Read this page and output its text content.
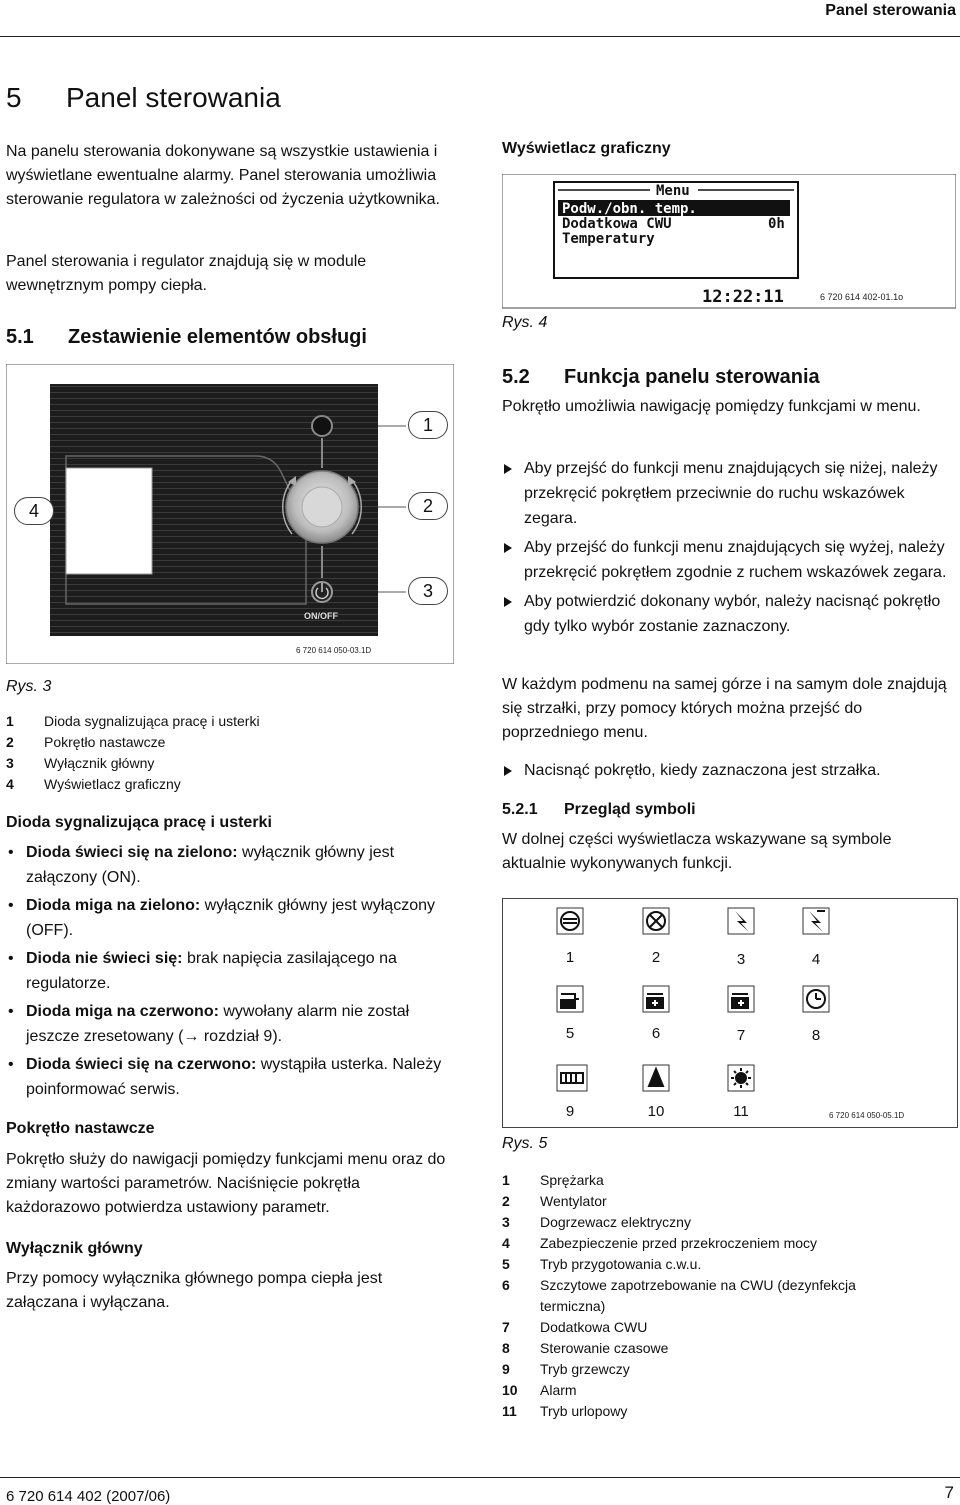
Panel sterowania
5 Panel sterowania
Na panelu sterowania dokonywane są wszystkie ustawienia i wyświetlane ewentualne alarmy. Panel sterowania umożliwia sterowanie regulatora w zależności od życzenia użytkownika.
Panel sterowania i regulator znajdują się w module wewnętrznym pompy ciepła.
5.1 Zestawienie elementów obsługi
ON/OFF
6 720 614 050-03.1D
1
2
3
4
Rys. 3
1	Dioda sygnalizująca pracę i usterki
2	Pokrętło nastawcze
3	Wyłącznik główny
4	Wyświetlacz graficzny
Dioda sygnalizująca pracę i usterki
• Dioda świeci się na zielono: wyłącznik główny jest załączony (ON).
• Dioda miga na zielono: wyłącznik główny jest wyłączony (OFF).
• Dioda nie świeci się: brak napięcia zasilającego na regulatorze.
• Dioda miga na czerwono: wywołany alarm nie został jeszcze zresetowany (→ rozdział 9).
• Dioda świeci się na czerwono: wystąpiła usterka. Należy poinformować serwis.
Pokrętło nastawcze
Pokrętło służy do nawigacji pomiędzy funkcjami menu oraz do zmiany wartości parametrów. Naciśnięcie pokrętła każdorazowo potwierdza ustawiony parametr.
Wyłącznik główny
Przy pomocy wyłącznika głównego pompa ciepła jest załączana i wyłączana.
Wyświetlacz graficzny
Menu
Podw./obn. temp.
Dodatkowa CWU	0h
Temperatury
12:22:11	6 720 614 402-01.1o
Rys. 4
5.2 Funkcja panelu sterowania
Pokrętło umożliwia nawigację pomiędzy funkcjami w menu.
Aby przejść do funkcji menu znajdujących się niżej, należy przekręcić pokrętłem przeciwnie do ruchu wskazówek zegara.
Aby przejść do funkcji menu znajdujących się wyżej, należy przekręcić pokrętłem zgodnie z ruchem wskazówek zegara.
Aby potwierdzić dokonany wybór, należy nacisnąć pokrętło gdy tylko wybór zostanie zaznaczony.
W każdym podmenu na samej górze i na samym dole znajdują się strzałki, przy pomocy których można przejść do poprzedniego menu.
Nacisnąć pokrętło, kiedy zaznaczona jest strzałka.
5.2.1 Przegląd symboli
W dolnej części wyświetlacza wskazywane są symbole aktualnie wykonywanych funkcji.
6 720 614 050-05.1D
1	2	3	4
5	6	7	8
9	10	11
Rys. 5
1	Sprężarka
2	Wentylator
3	Dogrzewacz elektryczny
4	Zabezpieczenie przed przekroczeniem mocy
5	Tryb przygotowania c.w.u.
6	Szczytowe zapotrzebowanie na CWU (dezynfekcja termiczna)
7	Dodatkowa CWU
8	Sterowanie czasowe
9	Tryb grzewczy
10	Alarm
11	Tryb urlopowy
6 720 614 402 (2007/06)	7
